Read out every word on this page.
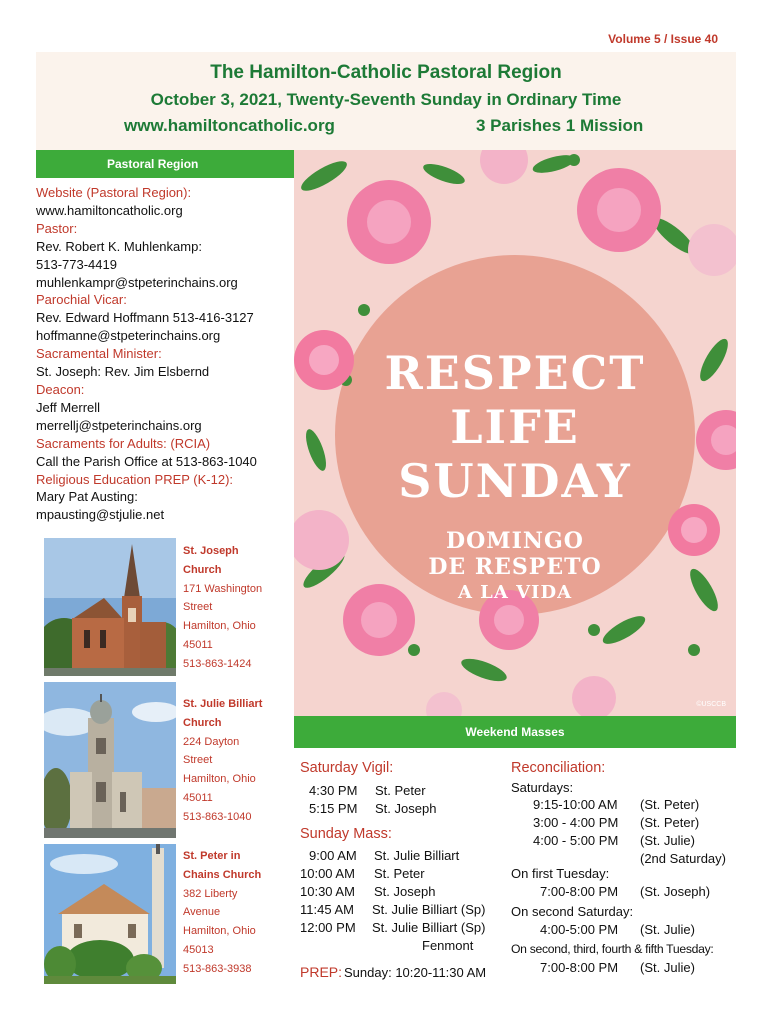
Volume 5 / Issue 40
The Hamilton-Catholic Pastoral Region
October 3, 2021, Twenty-Seventh Sunday in Ordinary Time
www.hamiltoncatholic.org	3 Parishes 1 Mission
Pastoral Region
Website (Pastoral Region):
www.hamiltoncatholic.org
Pastor:
Rev. Robert K. Muhlenkamp:
513-773-4419
muhlenkampr@stpeterinchains.org
Parochial Vicar:
Rev. Edward Hoffmann 513-416-3127
hoffmanne@stpeterinchains.org
Sacramental Minister:
St. Joseph: Rev. Jim Elsbernd
Deacon:
Jeff Merrell
merrellj@stpeterinchains.org
Sacraments for Adults: (RCIA)
Call the Parish Office at 513-863-1040
Religious Education PREP (K-12):
Mary Pat Austing:
mpausting@stjulie.net
St. Joseph
Church
171 Washington
Street
Hamilton, Ohio
45011
513-863-1424
St. Julie Billiart
Church
224 Dayton
Street
Hamilton, Ohio
45011
513-863-1040
St. Peter in
Chains Church
382 Liberty
Avenue
Hamilton, Ohio
45013
513-863-3938
RESPECT
LIFE
SUNDAY
DOMINGO
DE RESPETO
A LA VIDA
©USCCB
Weekend Masses
Saturday Vigil:
4:30 PM St. Peter
5:15 PM St. Joseph
Sunday Mass:
9:00 AM St. Julie Billiart
10:00 AM St. Peter
10:30 AM St. Joseph
11:45 AM St. Julie Billiart (Sp)
12:00 PM St. Julie Billiart (Sp)
Fenmont
PREP: Sunday: 10:20-11:30 AM
Reconciliation:
Saturdays:
9:15-10:00 AM (St. Peter)
3:00 - 4:00 PM (St. Peter)
4:00 - 5:00 PM (St. Julie)
(2nd Saturday)
On first Tuesday:
7:00-8:00 PM (St. Joseph)
On second Saturday:
4:00-5:00 PM (St. Julie)
On second, third, fourth & fifth Tuesday:
7:00-8:00 PM (St. Julie)
